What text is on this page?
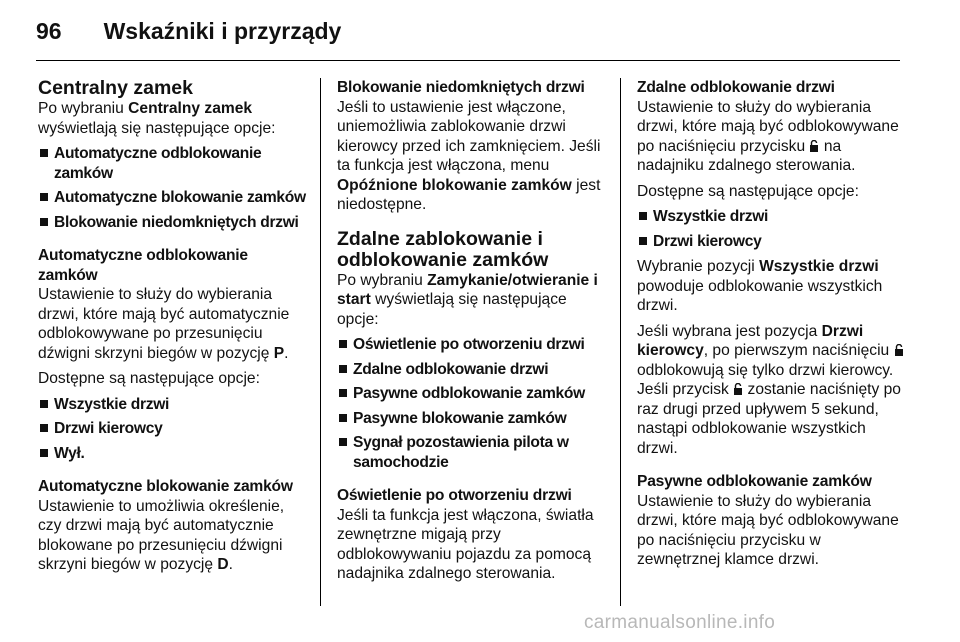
96 Wskaźniki i przyrządy
Centralny zamek

Po wybraniu Centralny zamek wyświetlają się następujące opcje:

Automatyczne odblokowanie zamków
Automatyczne blokowanie zamków
Blokowanie niedomkniętych drzwi
Automatyczne odblokowanie zamków

Ustawienie to służy do wybierania drzwi, które mają być automatycznie odblokowywane po przesunięciu dźwigni skrzyni biegów w pozycję P.

Dostępne są następujące opcje:

Wszystkie drzwi
Drzwi kierowcy
Wył.
Automatyczne blokowanie zamków

Ustawienie to umożliwia określenie, czy drzwi mają być automatycznie blokowane po przesunięciu dźwigni skrzyni biegów w pozycję D.

Blokowanie niedomkniętych drzwi

Jeśli to ustawienie jest włączone, uniemożliwia zablokowanie drzwi kierowcy przed ich zamknięciem. Jeśli ta funkcja jest włączona, menu Opóźnione blokowanie zamków jest niedostępne.

Zdalne zablokowanie i odblokowanie zamków

Po wybraniu Zamykanie/otwieranie i start wyświetlają się następujące opcje:

Oświetlenie po otworzeniu drzwi
Zdalne odblokowanie drzwi
Pasywne odblokowanie zamków
Pasywne blokowanie zamków
Sygnał pozostawienia pilota w samochodzie
Oświetlenie po otworzeniu drzwi

Jeśli ta funkcja jest włączona, światła zewnętrzne migają przy odblokowywaniu pojazdu za pomocą nadajnika zdalnego sterowania.

Zdalne odblokowanie drzwi

Ustawienie to służy do wybierania drzwi, które mają być odblokowywane po naciśnięciu przycisku  na nadajniku zdalnego sterowania.

Dostępne są następujące opcje:

Wszystkie drzwi
Drzwi kierowcy

Wybranie pozycji Wszystkie drzwi powoduje odblokowanie wszystkich drzwi.

Jeśli wybrana jest pozycja Drzwi kierowcy, po pierwszym naciśnięciu  odblokowują się tylko drzwi kierowcy. Jeśli przycisk  zostanie naciśnięty po raz drugi przed upływem 5 sekund, nastąpi odblokowanie wszystkich drzwi.

Pasywne odblokowanie zamków

Ustawienie to służy do wybierania drzwi, które mają być odblokowywane po naciśnięciu przycisku w zewnętrznej klamce drzwi.

carmanualsonline.info
